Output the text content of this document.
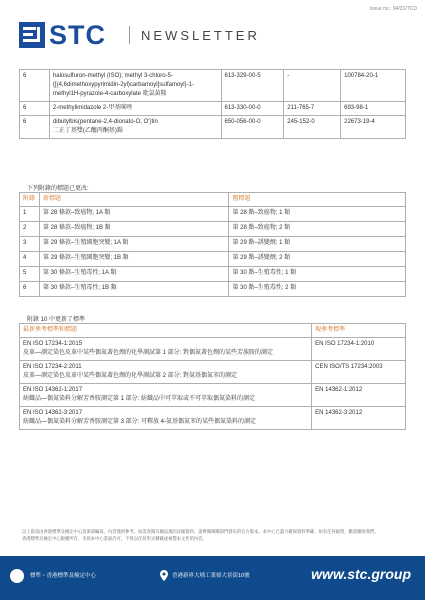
Issue no.: 94/21/TCD
STC	NEWSLETTER
6	halosulfuron-methyl (ISO); methyl 3-chloro-5-
{[(4,6dimethoxypyrimidin-2yl)carbamoyl]sulfamoyl}-1-
methyl1H-pyrazole-4-carboxylate 吡氯黃隆	613-329-00-5	-	100784-20-1
6	2-methylimidazole 2-甲基咪唑	613-330-00-0	211-765-7	693-98-1
6	dibutylbis(pentane-2,4-dionato-O, O')tin
二正丁基雙(乙醯丙酮基)錫	650-056-00-0	245-152-0	22673-19-4
下列附錄的標題已更改:
附錄	新標題	舊標題
1	第 28 條款–致癌物; 1A 類	第 28 點–致癌物; 1 類
2	第 28 條款–致癌物; 1B 類	第 28 點–致癌物; 2 類
3	第 29 條款–生殖細胞突變; 1A 類	第 29 點–誘變劑; 1 類
4	第 29 條款–生殖細胞突變; 1B 類	第 29 點–誘變劑; 2 類
5	第 30 條款–生殖毒性; 1A 類	第 30 點–生殖毒性; 1 類
6	第 30 條款–生殖毒性; 1B 類	第 30 點–生殖毒性; 2 類
附錄 10 中更新了標準
最新參考標準和標題	現參考標準

EN ISO 17234-1:2015
皮革—測定染色皮革中某些偶氮著色劑的化學測試第 1 部分: 對偶氮著色劑的某些芳族胺的測定	EN ISO 17234-1:2010

EN ISO 17234-2:2011
皮革—測定染色皮革中某些偶氮著色劑的化學測試第 2 部分: 對氨基偶氮苯的測定	CEN ISO/TS 17234:2003

EN ISO 14362-1:2017
紡織品—偶氮染料分解芳香胺測定第 1 部分: 紡織品中可萃取或不可萃取偶氮染料的測定	EN 14362-1:2012

EN ISO 14362-3:2017
紡織品—偶氮染料分解芳香胺測定第 3 部分: 可釋放 4-氨基偶氮苯的某些偶氮染料的測定	EN 14362-3:2012
以上資訊由香港標準及檢定中心技術部編寫，內容僅供參考。如需查閱有關法規的詳細資料，請參閱相關部門發布的官方版本。本中心已盡力確保資料準確，如有任何疑問，歡迎聯絡我們。
香港標準及檢定中心版權所有，未經本中心書面許可，不得以任何形式轉載或複製本文件的內容。
標準・香港標準及檢定中心	香港新界大埔工業邨大景街10號	www.stc.group
